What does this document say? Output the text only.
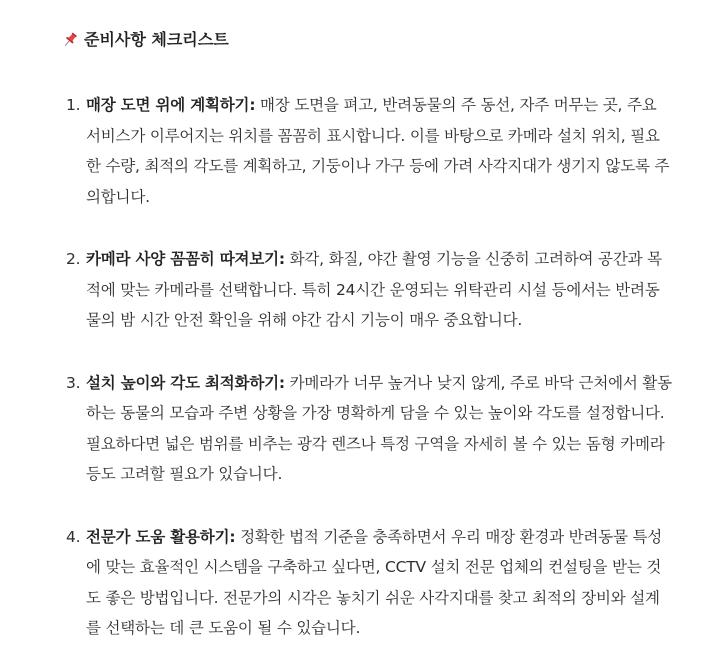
준비사항 체크리스트
1. 매장 도면 위에 계획하기: 매장 도면을 펴고, 반려동물의 주 동선, 자주 머무는 곳, 주요 서비스가 이루어지는 위치를 꼼꼼히 표시합니다. 이를 바탕으로 카메라 설치 위치, 필요한 수량, 최적의 각도를 계획하고, 기둥이나 가구 등에 가려 사각지대가 생기지 않도록 주의합니다.
2. 카메라 사양 꼼꼼히 따져보기: 화각, 화질, 야간 촬영 기능을 신중히 고려하여 공간과 목적에 맞는 카메라를 선택합니다. 특히 24시간 운영되는 위탁관리 시설 등에서는 반려동물의 밤 시간 안전 확인을 위해 야간 감시 기능이 매우 중요합니다.
3. 설치 높이와 각도 최적화하기: 카메라가 너무 높거나 낮지 않게, 주로 바닥 근처에서 활동하는 동물의 모습과 주변 상황을 가장 명확하게 담을 수 있는 높이와 각도를 설정합니다. 필요하다면 넓은 범위를 비추는 광각 렌즈나 특정 구역을 자세히 볼 수 있는 돔형 카메라 등도 고려할 필요가 있습니다.
4. 전문가 도움 활용하기: 정확한 법적 기준을 충족하면서 우리 매장 환경과 반려동물 특성에 맞는 효율적인 시스템을 구축하고 싶다면, CCTV 설치 전문 업체의 컨설팅을 받는 것도 좋은 방법입니다. 전문가의 시각은 놓치기 쉬운 사각지대를 찾고 최적의 장비와 설계를 선택하는 데 큰 도움이 될 수 있습니다.
